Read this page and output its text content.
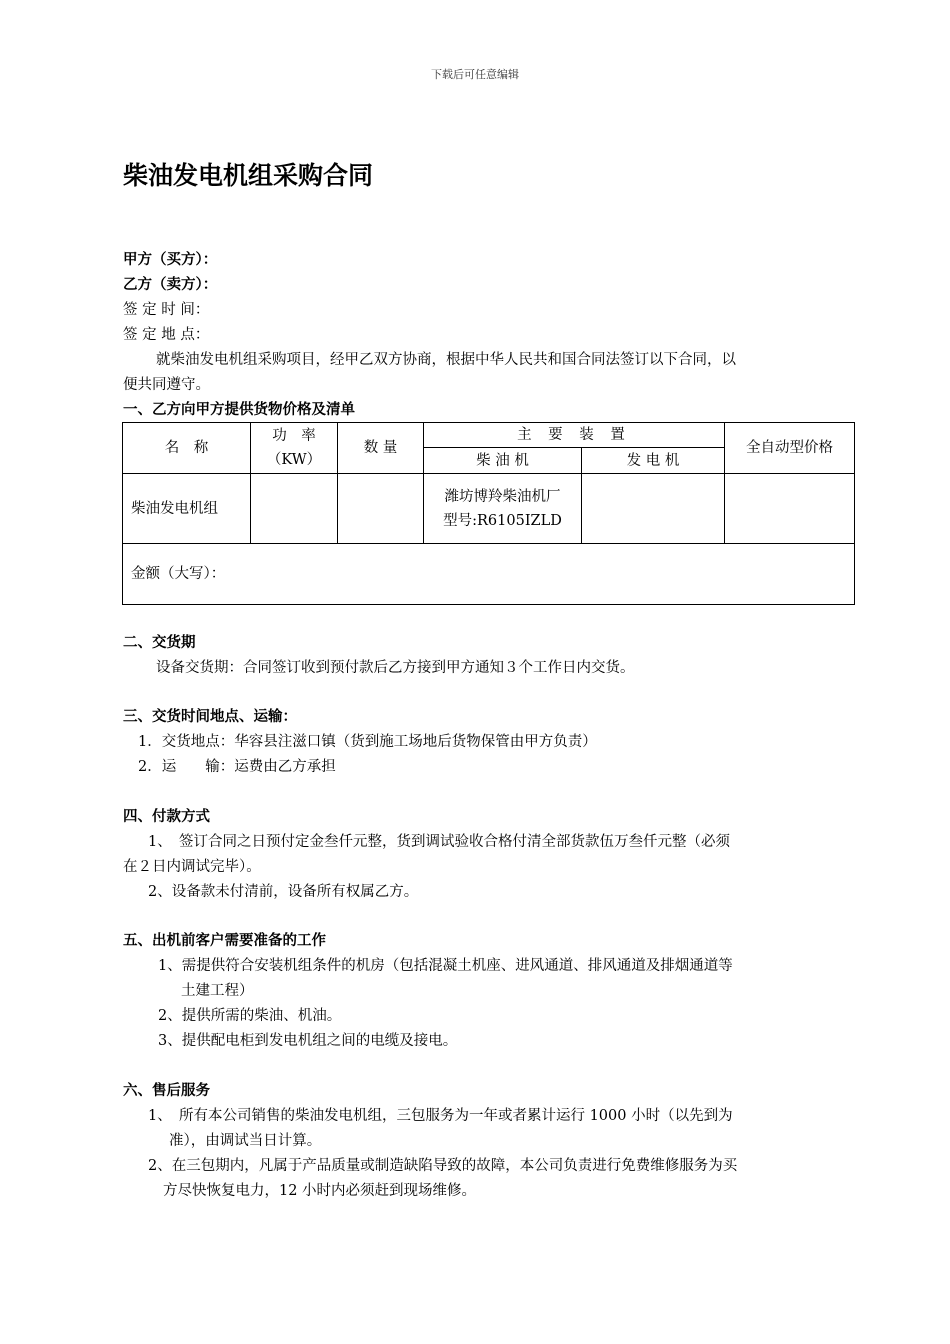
下载后可任意编辑
柴油发电机组采购合同
甲方（买方）：
乙方（卖方）：
签 定 时 间：
签 定 地 点：
就柴油发电机组采购项目，经甲乙双方协商，根据中华人民共和国合同法签订以下合同，以
便共同遵守。
一、乙方向甲方提供货物价格及清单
名　称
功　率
（KW）
数 量
主 要 装 置
柴 油 机	发 电 机
全自动型价格
柴油发电机组
潍坊博羚柴油机厂
型号:R6105IZLD
金额（大写）：
二、交货期
设备交货期：合同签订收到预付款后乙方接到甲方通知３个工作日内交货。
三、交货时间地点、运输：
1．交货地点：华容县注滋口镇（货到施工场地后货物保管由甲方负责）
2．运　　输：运费由乙方承担
四、付款方式
1、　签订合同之日预付定金叁仟元整，货到调试验收合格付清全部货款伍万叁仟元整（必须
在２日内调试完毕）。
2、设备款未付清前，设备所有权属乙方。
五、出机前客户需要准备的工作
1、需提供符合安装机组条件的机房（包括混凝土机座、进风通道、排风通道及排烟通道等
土建工程）
2、提供所需的柴油、机油。
3、提供配电柜到发电机组之间的电缆及接电。
六、售后服务
1、　所有本公司销售的柴油发电机组，三包服务为一年或者累计运行 1000 小时（以先到为
准），由调试当日计算。
2、在三包期内，凡属于产品质量或制造缺陷导致的故障，本公司负责进行免费维修服务为买
方尽快恢复电力，12 小时内必须赶到现场维修。
